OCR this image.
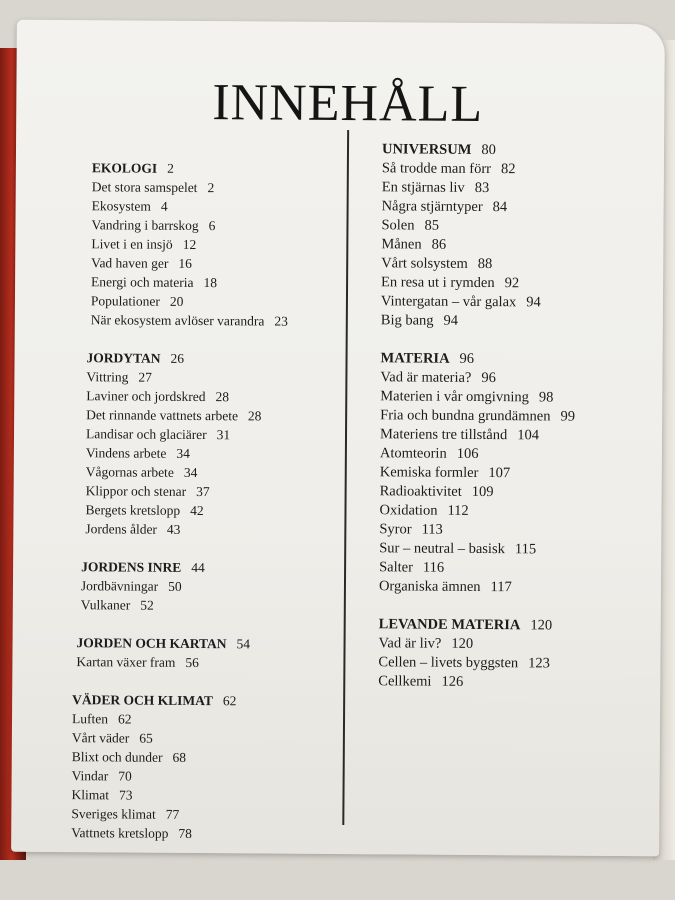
INNEHÅLL
EKOLOGI 2
Det stora samspelet 2
Ekosystem 4
Vandring i barrskog 6
Livet i en insjö 12
Vad haven ger 16
Energi och materia 18
Populationer 20
När ekosystem avlöser varandra 23
JORDYTAN 26
Vittring 27
Laviner och jordskred 28
Det rinnande vattnets arbete 28
Landisar och glaciärer 31
Vindens arbete 34
Vågornas arbete 34
Klippor och stenar 37
Bergets kretslopp 42
Jordens ålder 43
JORDENS INRE 44
Jordbävningar 50
Vulkaner 52
JORDEN OCH KARTAN 54
Kartan växer fram 56
VÄDER OCH KLIMAT 62
Luften 62
Vårt väder 65
Blixt och dunder 68
Vindar 70
Klimat 73
Sveriges klimat 77
Vattnets kretslopp 78
UNIVERSUM 80
Så trodde man förr 82
En stjärnas liv 83
Några stjärntyper 84
Solen 85
Månen 86
Vårt solsystem 88
En resa ut i rymden 92
Vintergatan – vår galax 94
Big bang 94
MATERIA 96
Vad är materia? 96
Materien i vår omgivning 98
Fria och bundna grundämnen 99
Materiens tre tillstånd 104
Atomteorin 106
Kemiska formler 107
Radioaktivitet 109
Oxidation 112
Syror 113
Sur – neutral – basisk 115
Salter 116
Organiska ämnen 117
LEVANDE MATERIA 120
Vad är liv? 120
Cellen – livets byggsten 123
Cellkemi 126
